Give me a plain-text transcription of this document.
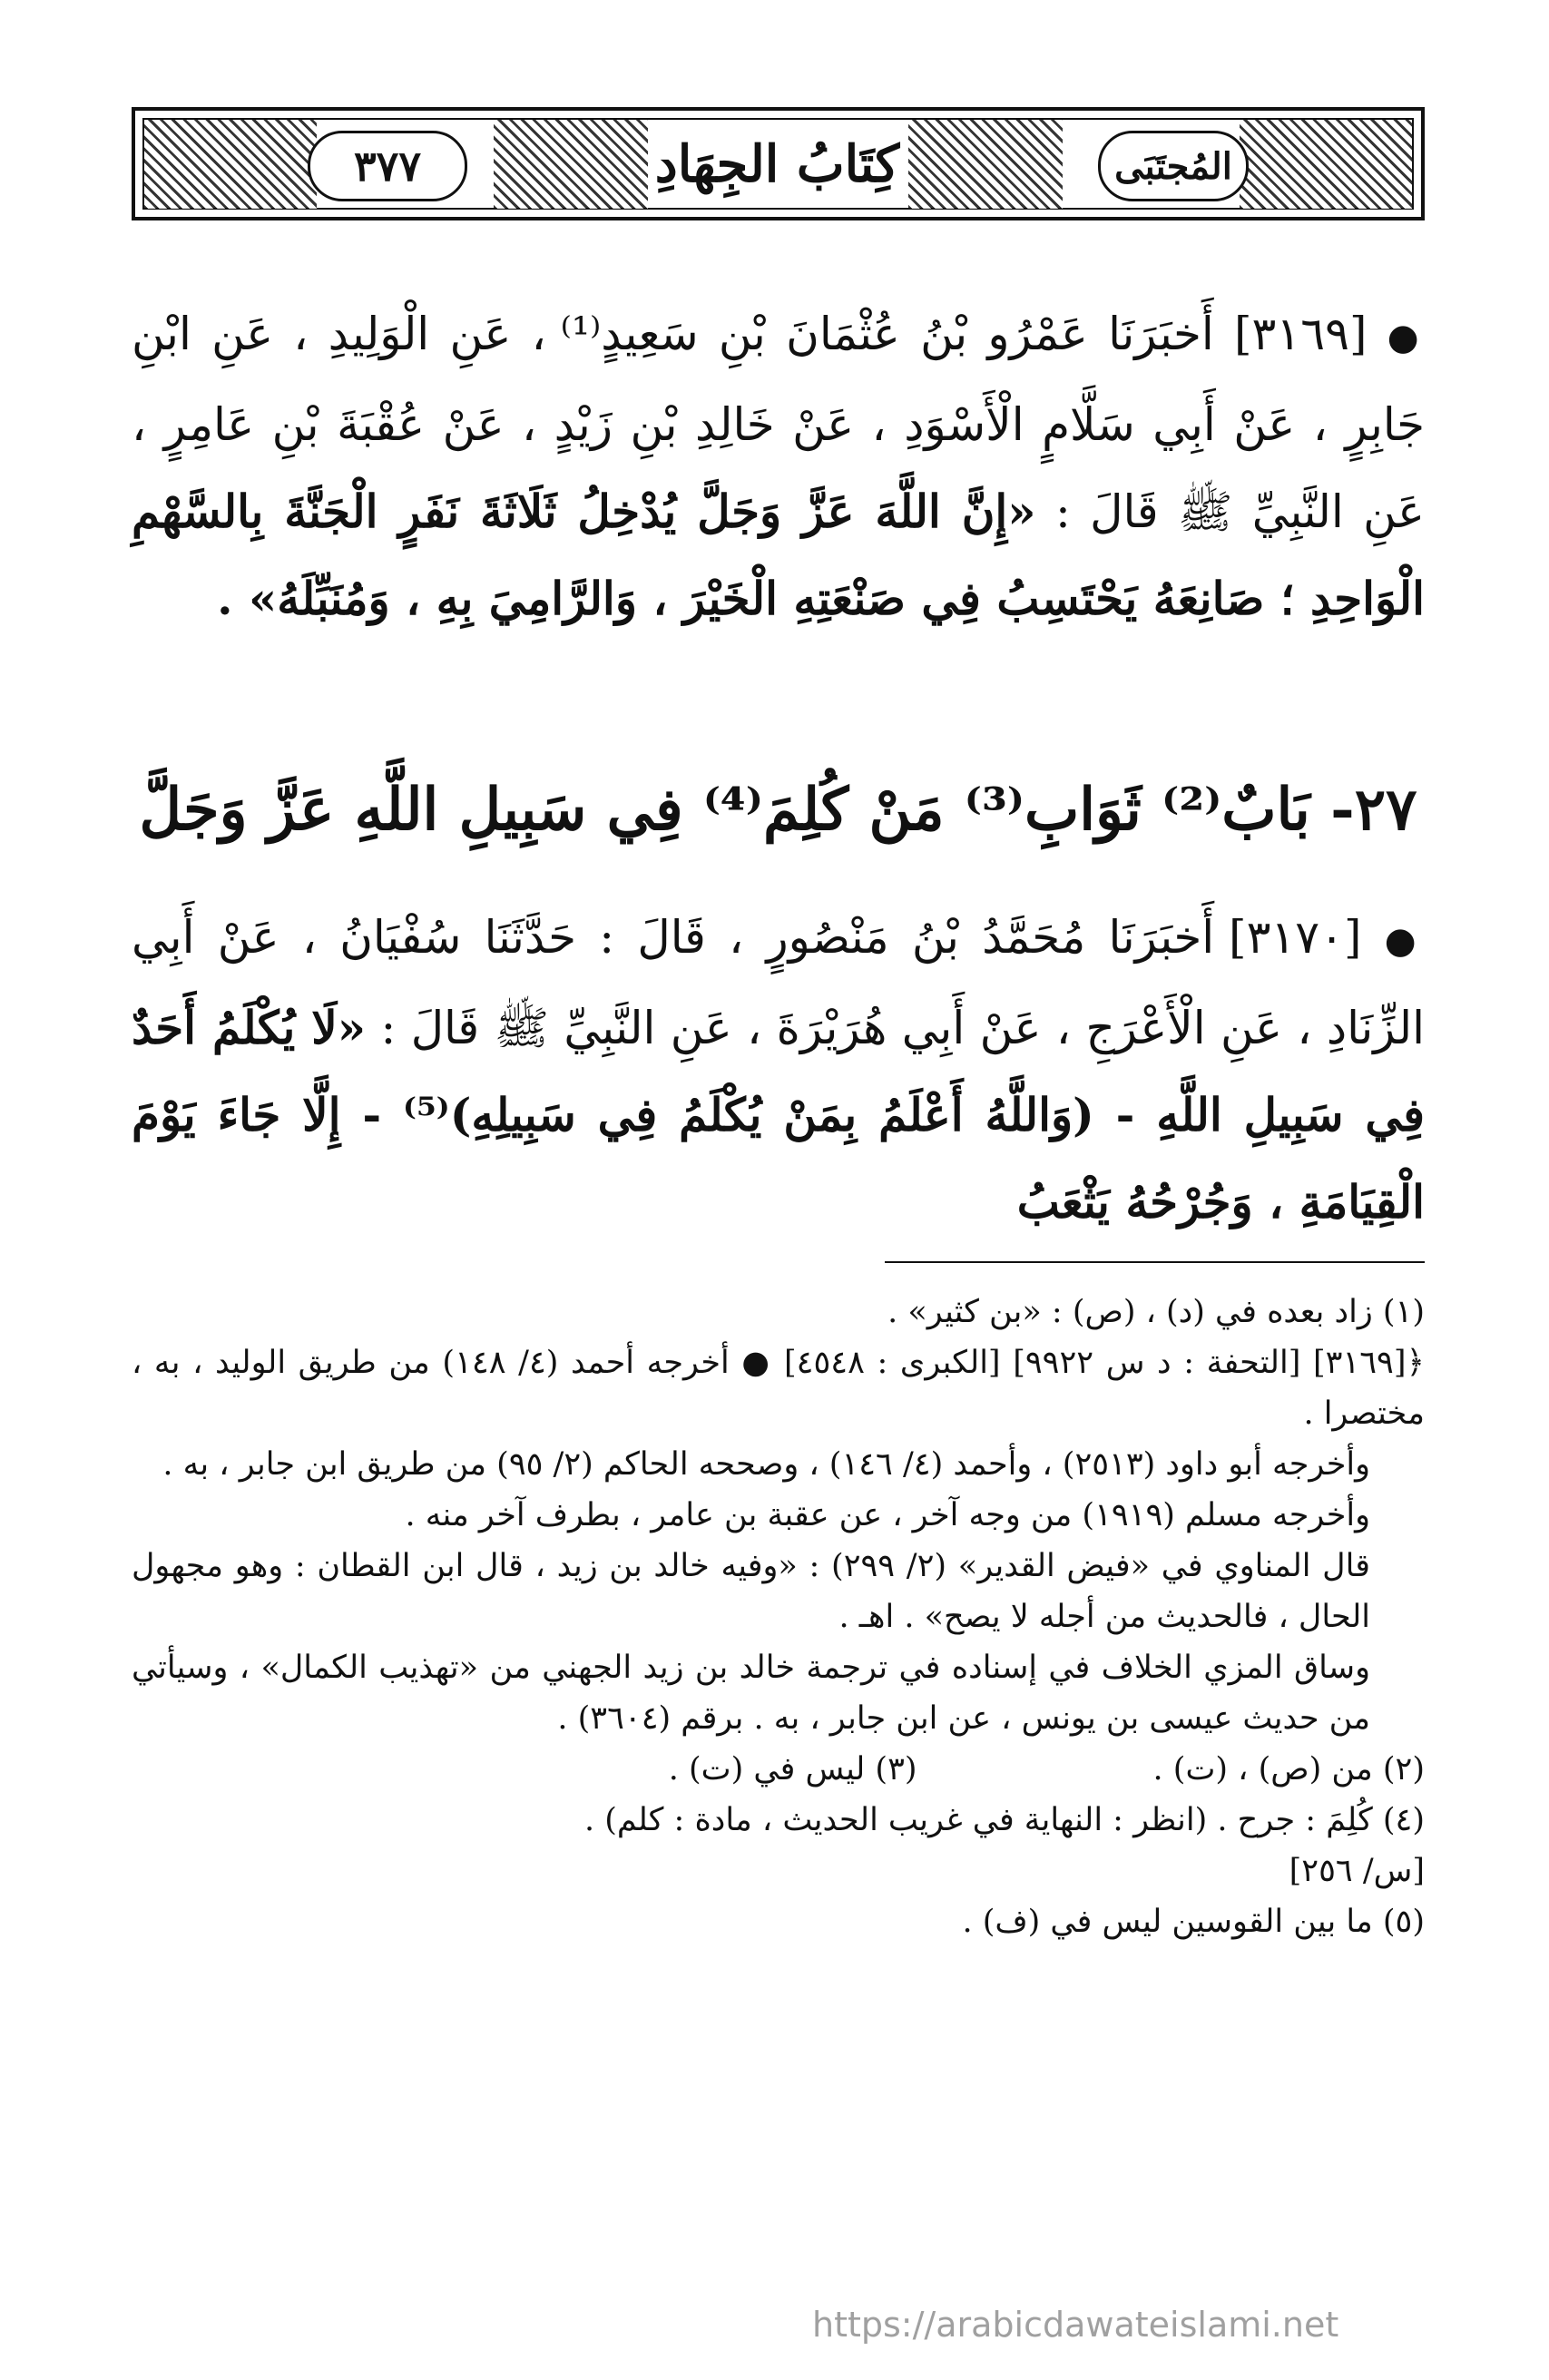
٣٧٧	كِتَابُ الجِهَادِ	المُجتَبَى
● [٣١٦٩] أَخبَرَنَا عَمْرُو بْنُ عُثْمَانَ بْنِ سَعِيدٍ⁽¹⁾ ، عَنِ الْوَلِيدِ ، عَنِ ابْنِ جَابِرٍ ، عَنْ أَبِي سَلَّامٍ الْأَسْوَدِ ، عَنْ خَالِدِ بْنِ زَيْدٍ ، عَنْ عُقْبَةَ بْنِ عَامِرٍ ، عَنِ النَّبِيِّ ﷺ قَالَ : «إِنَّ اللَّهَ عَزَّ وَجَلَّ يُدْخِلُ ثَلَاثَةَ نَفَرٍ الْجَنَّةَ بِالسَّهْمِ الْوَاحِدِ ؛ صَانِعَهُ يَحْتَسِبُ فِي صَنْعَتِهِ الْخَيْرَ ، وَالرَّامِيَ بِهِ ، وَمُنَبِّلَهُ» .
٢٧- بَابٌ⁽²⁾ ثَوَابِ⁽³⁾ مَنْ كُلِمَ⁽⁴⁾ فِي سَبِيلِ اللَّهِ عَزَّ وَجَلَّ
● [٣١٧٠] أَخبَرَنَا مُحَمَّدُ بْنُ مَنْصُورٍ ، قَالَ : حَدَّثَنَا سُفْيَانُ ، عَنْ أَبِي الزِّنَادِ ، عَنِ الْأَعْرَجِ ، عَنْ أَبِي هُرَيْرَةَ ، عَنِ النَّبِيِّ ﷺ قَالَ : «لَا يُكْلَمُ أَحَدٌ فِي سَبِيلِ اللَّهِ - (وَاللَّهُ أَعْلَمُ بِمَنْ يُكْلَمُ فِي سَبِيلِهِ)⁽⁵⁾ - إِلَّا جَاءَ يَوْمَ الْقِيَامَةِ ، وَجُرْحُهُ يَثْعَبُ

(١) زاد بعده في (د) ، (ص) : «بن كثير» .

﴿[٣١٦٩] [التحفة : د س ٩٩٢٢] [الكبرى : ٤٥٤٨] ● أخرجه أحمد (٤/ ١٤٨) من طريق الوليد ، به ، مختصرا .

وأخرجه أبو داود (٢٥١٣) ، وأحمد (٤/ ١٤٦) ، وصححه الحاكم (٢/ ٩٥) من طريق ابن جابر ، به .

وأخرجه مسلم (١٩١٩) من وجه آخر ، عن عقبة بن عامر ، بطرف آخر منه .

قال المناوي في «فيض القدير» (٢/ ٢٩٩) : «وفيه خالد بن زيد ، قال ابن القطان : وهو مجهول الحال ، فالحديث من أجله لا يصح» . اهـ .

وساق المزي الخلاف في إسناده في ترجمة خالد بن زيد الجهني من «تهذيب الكمال» ، وسيأتي من حديث عيسى بن يونس ، عن ابن جابر ، به . برقم (٣٦٠٤) .

(٢) من (ص) ، (ت) .
(٣) ليس في (ت) .

(٤) كُلِمَ : جرح . (انظر : النهاية في غريب الحديث ، مادة : كلم) .

[س/ ٢٥٦]

(٥) ما بين القوسين ليس في (ف) .

https://arabicdawateislami.net
